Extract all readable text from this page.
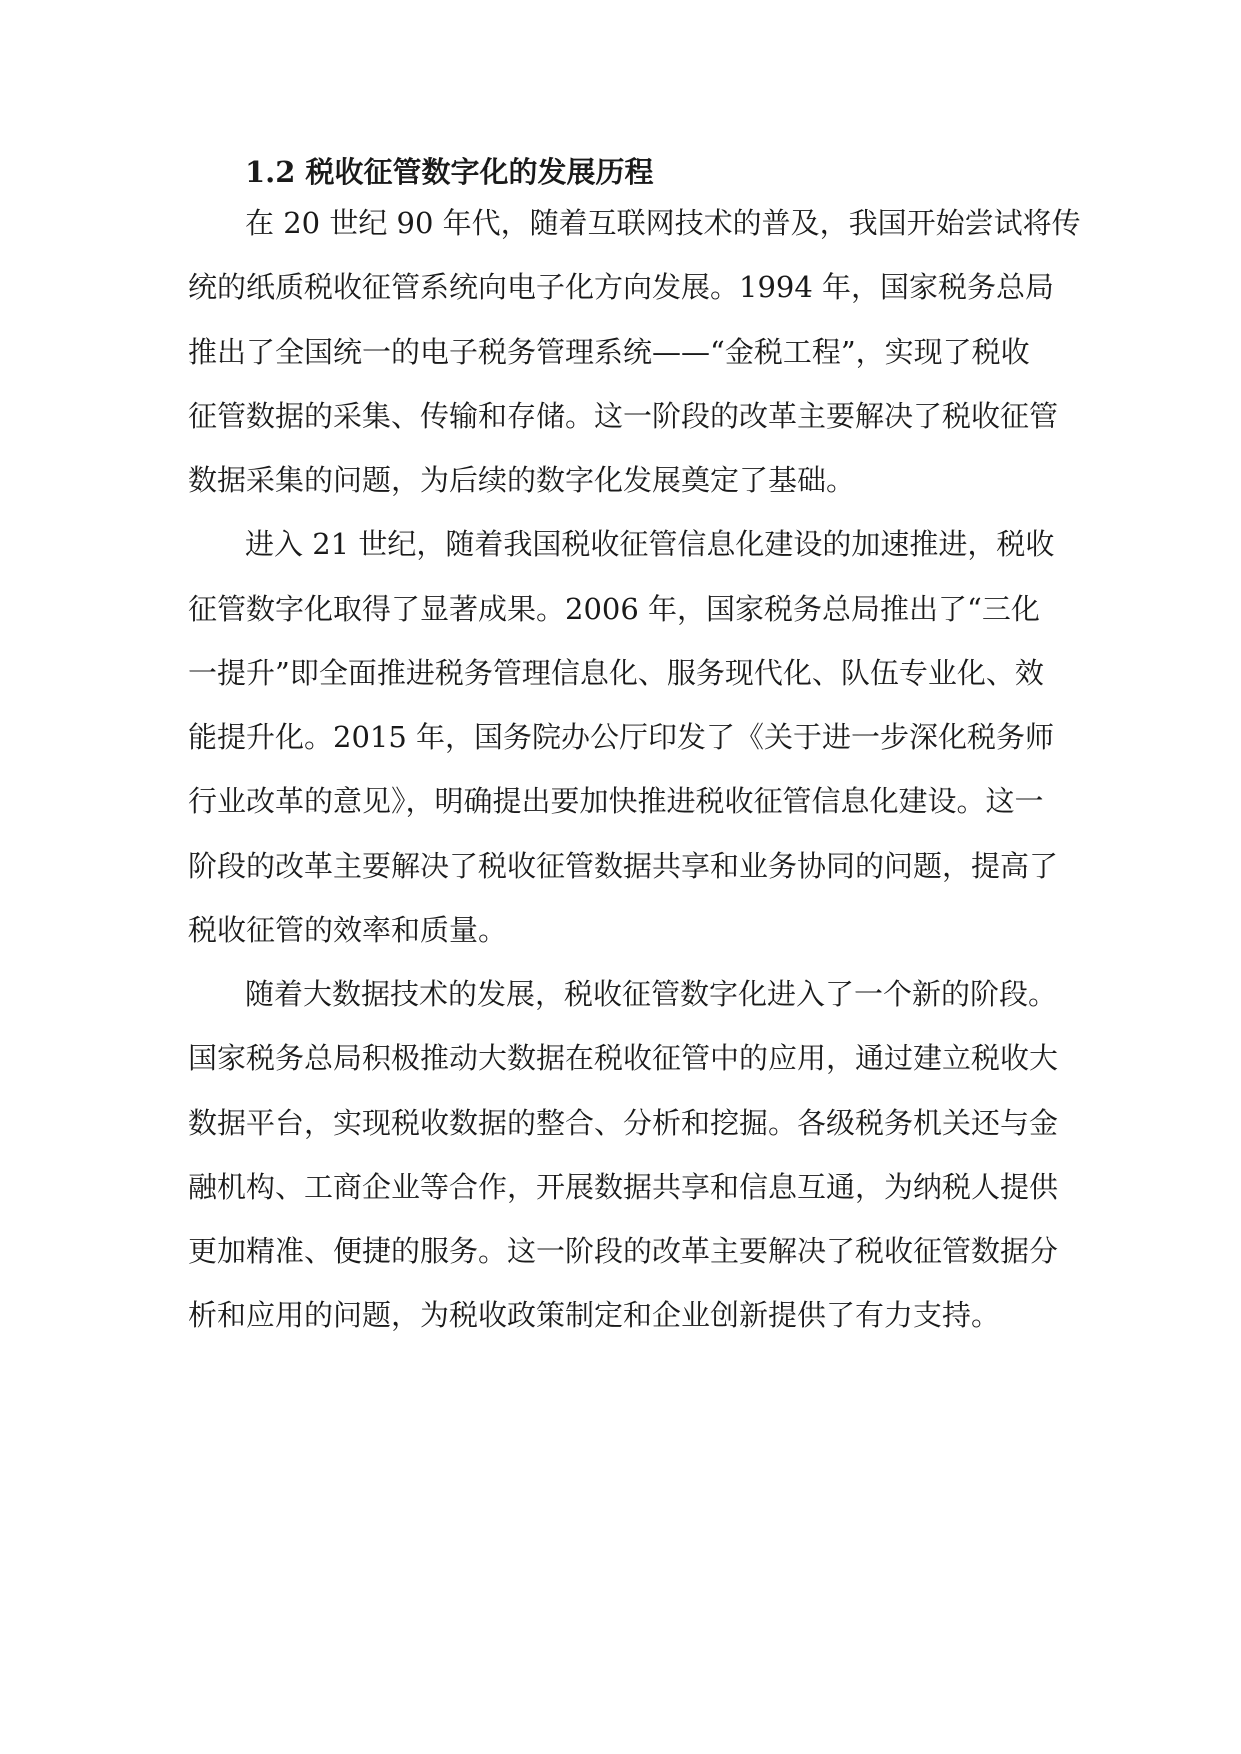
1.2 税收征管数字化的发展历程
在 20 世纪 90 年代，随着互联网技术的普及，我国开始尝试将传
统的纸质税收征管系统向电子化方向发展。1994 年，国家税务总局
推出了全国统一的电子税务管理系统——“金税工程”，实现了税收
征管数据的采集、传输和存储。这一阶段的改革主要解决了税收征管
数据采集的问题，为后续的数字化发展奠定了基础。
进入 21 世纪，随着我国税收征管信息化建设的加速推进，税收
征管数字化取得了显著成果。2006 年，国家税务总局推出了“三化
一提升”即全面推进税务管理信息化、服务现代化、队伍专业化、效
能提升化。2015 年，国务院办公厅印发了《关于进一步深化税务师
行业改革的意见》，明确提出要加快推进税收征管信息化建设。这一
阶段的改革主要解决了税收征管数据共享和业务协同的问题，提高了
税收征管的效率和质量。
随着大数据技术的发展，税收征管数字化进入了一个新的阶段。
国家税务总局积极推动大数据在税收征管中的应用，通过建立税收大
数据平台，实现税收数据的整合、分析和挖掘。各级税务机关还与金
融机构、工商企业等合作，开展数据共享和信息互通，为纳税人提供
更加精准、便捷的服务。这一阶段的改革主要解决了税收征管数据分
析和应用的问题，为税收政策制定和企业创新提供了有力支持。
